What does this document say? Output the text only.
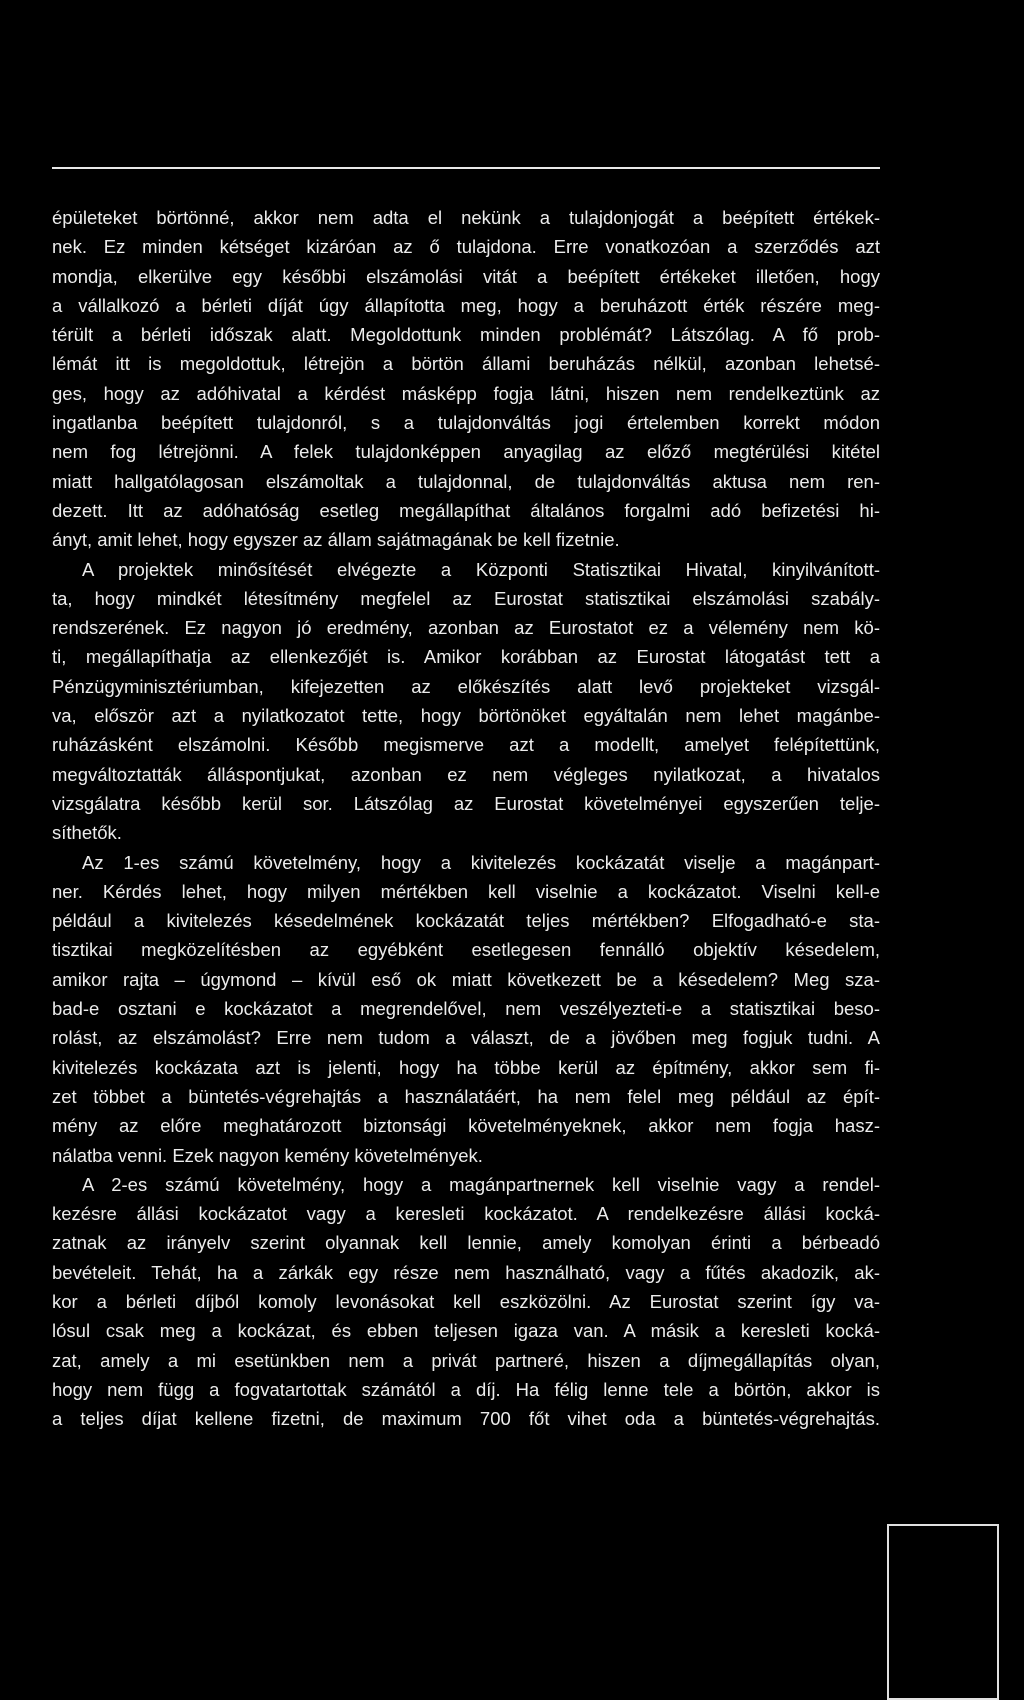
épületeket börtönné, akkor nem adta el nekünk a tulajdonjogát a beépített értékek-
nek. Ez minden kétséget kizáróan az ő tulajdona. Erre vonatkozóan a szerződés azt
mondja, elkerülve egy későbbi elszámolási vitát a beépített értékeket illetően, hogy
a vállalkozó a bérleti díját úgy állapította meg, hogy a beruházott érték részére meg-
térült a bérleti időszak alatt. Megoldottunk minden problémát? Látszólag. A fő prob-
lémát itt is megoldottuk, létrejön a börtön állami beruházás nélkül, azonban lehetsé-
ges, hogy az adóhivatal a kérdést másképp fogja látni, hiszen nem rendelkeztünk az
ingatlanba beépített tulajdonról, s a tulajdonváltás jogi értelemben korrekt módon
nem fog létrejönni. A felek tulajdonképpen anyagilag az előző megtérülési kitétel
miatt hallgatólagosan elszámoltak a tulajdonnal, de tulajdonváltás aktusa nem ren-
dezett. Itt az adóhatóság esetleg megállapíthat általános forgalmi adó befizetési hi-
ányt, amit lehet, hogy egyszer az állam sajátmagának be kell fizetnie.
A projektek minősítését elvégezte a Központi Statisztikai Hivatal, kinyilvánított-
ta, hogy mindkét létesítmény megfelel az Eurostat statisztikai elszámolási szabály-
rendszerének. Ez nagyon jó eredmény, azonban az Eurostatot ez a vélemény nem kö-
ti, megállapíthatja az ellenkezőjét is. Amikor korábban az Eurostat látogatást tett a
Pénzügyminisztériumban, kifejezetten az előkészítés alatt levő projekteket vizsgál-
va, először azt a nyilatkozatot tette, hogy börtönöket egyáltalán nem lehet magánbe-
ruházásként elszámolni. Később megismerve azt a modellt, amelyet felépítettünk,
megváltoztatták álláspontjukat, azonban ez nem végleges nyilatkozat, a hivatalos
vizsgálatra később kerül sor. Látszólag az Eurostat követelményei egyszerűen telje-
síthetők.
Az 1-es számú követelmény, hogy a kivitelezés kockázatát viselje a magánpart-
ner. Kérdés lehet, hogy milyen mértékben kell viselnie a kockázatot. Viselni kell-e
például a kivitelezés késedelmének kockázatát teljes mértékben? Elfogadható-e sta-
tisztikai megközelítésben az egyébként esetlegesen fennálló objektív késedelem,
amikor rajta – úgymond – kívül eső ok miatt következett be a késedelem? Meg sza-
bad-e osztani e kockázatot a megrendelővel, nem veszélyezteti-e a statisztikai beso-
rolást, az elszámolást? Erre nem tudom a választ, de a jövőben meg fogjuk tudni. A
kivitelezés kockázata azt is jelenti, hogy ha többe kerül az építmény, akkor sem fi-
zet többet a büntetés-végrehajtás a használatáért, ha nem felel meg például az épít-
mény az előre meghatározott biztonsági követelményeknek, akkor nem fogja hasz-
nálatba venni. Ezek nagyon kemény követelmények.
A 2-es számú követelmény, hogy a magánpartnernek kell viselnie vagy a rendel-
kezésre állási kockázatot vagy a keresleti kockázatot. A rendelkezésre állási kocká-
zatnak az irányelv szerint olyannak kell lennie, amely komolyan érinti a bérbeadó
bevételeit. Tehát, ha a zárkák egy része nem használható, vagy a fűtés akadozik, ak-
kor a bérleti díjból komoly levonásokat kell eszközölni. Az Eurostat szerint így va-
lósul csak meg a kockázat, és ebben teljesen igaza van. A másik a keresleti kocká-
zat, amely a mi esetünkben nem a privát partneré, hiszen a díjmegállapítás olyan,
hogy nem függ a fogvatartottak számától a díj. Ha félig lenne tele a börtön, akkor is
a teljes díjat kellene fizetni, de maximum 700 főt vihet oda a büntetés-végrehajtás.
